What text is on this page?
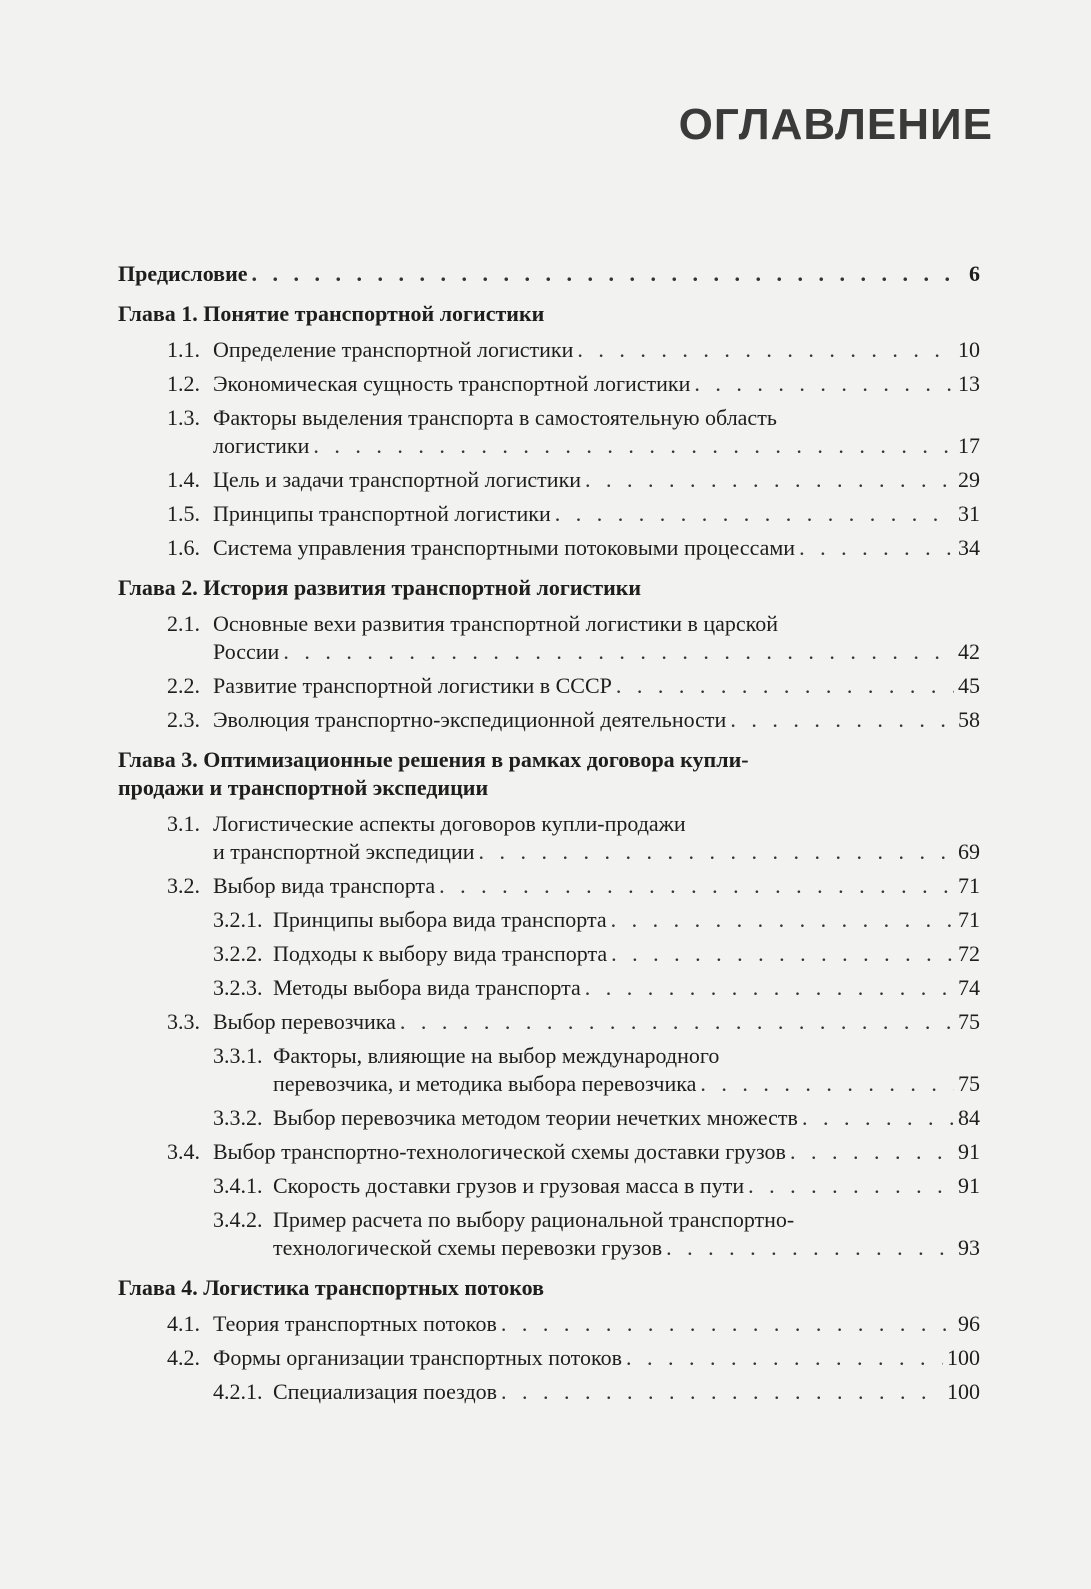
ОГЛАВЛЕНИЕ
Предисловие . . .	6
Глава 1. Понятие транспортной логистики
1.1. Определение транспортной логистики . . .	10
1.2. Экономическая сущность транспортной логистики . . .	13
1.3. Факторы выделения транспорта в самостоятельную область
логистики . . .	17
1.4. Цель и задачи транспортной логистики . . .	29
1.5. Принципы транспортной логистики . . .	31
1.6. Система управления транспортными потоковыми процессами . . .	34
Глава 2. История развития транспортной логистики
2.1. Основные вехи развития транспортной логистики в царской
России . . .	42
2.2. Развитие транспортной логистики в СССР . . .	45
2.3. Эволюция транспортно-экспедиционной деятельности . . .	58
Глава 3. Оптимизационные решения в рамках договора купли-
продажи и транспортной экспедиции
3.1. Логистические аспекты договоров купли-продажи
и транспортной экспедиции . . .	69
3.2. Выбор вида транспорта . . .	71
3.2.1. Принципы выбора вида транспорта . . .	71
3.2.2. Подходы к выбору вида транспорта . . .	72
3.2.3. Методы выбора вида транспорта . . .	74
3.3. Выбор перевозчика . . .	75
3.3.1. Факторы, влияющие на выбор международного
перевозчика, и методика выбора перевозчика . . .	75
3.3.2. Выбор перевозчика методом теории нечетких множеств . . .	84
3.4. Выбор транспортно-технологической схемы доставки грузов . . .	91
3.4.1. Скорость доставки грузов и грузовая масса в пути . . .	91
3.4.2. Пример расчета по выбору рациональной транспортно-
технологической схемы перевозки грузов . . .	93
Глава 4. Логистика транспортных потоков
4.1. Теория транспортных потоков . . .	96
4.2. Формы организации транспортных потоков . . .	100
4.2.1. Специализация поездов . . .	100
